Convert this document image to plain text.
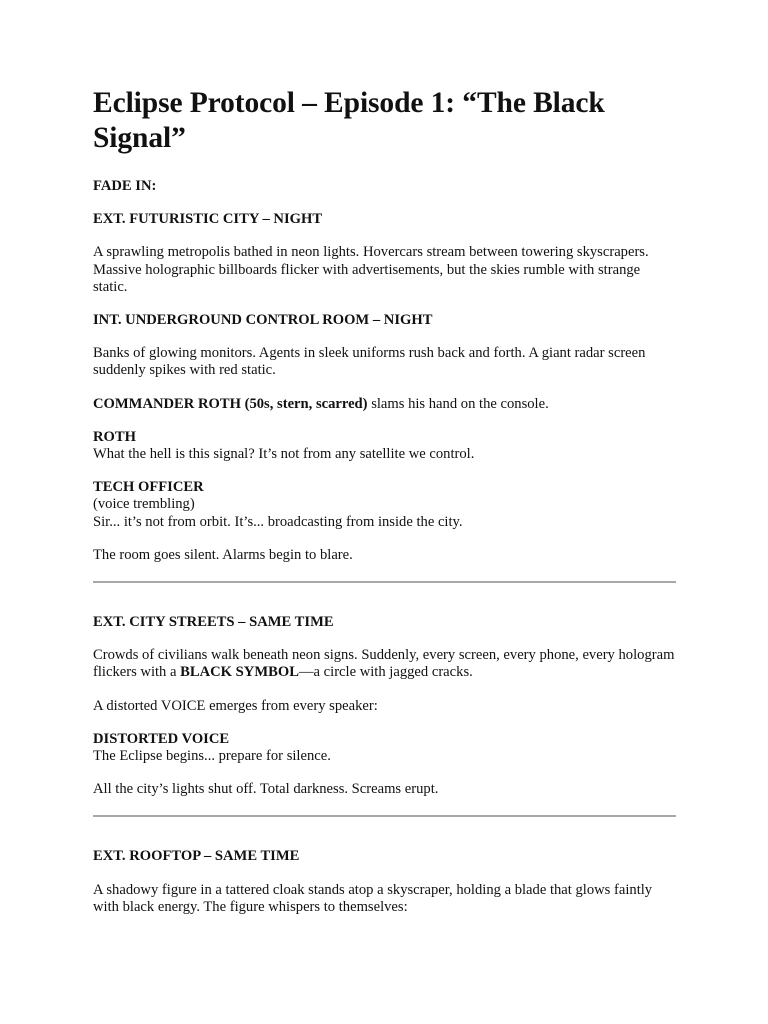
Eclipse Protocol – Episode 1: “The Black Signal”

FADE IN:

EXT. FUTURISTIC CITY – NIGHT

A sprawling metropolis bathed in neon lights. Hovercars stream between towering skyscrapers. Massive holographic billboards flicker with advertisements, but the skies rumble with strange static.

INT. UNDERGROUND CONTROL ROOM – NIGHT

Banks of glowing monitors. Agents in sleek uniforms rush back and forth. A giant radar screen suddenly spikes with red static.

COMMANDER ROTH (50s, stern, scarred) slams his hand on the console.

ROTH

What the hell is this signal? It’s not from any satellite we control.

TECH OFFICER

(voice trembling)

Sir... it’s not from orbit. It’s... broadcasting from inside the city.

The room goes silent. Alarms begin to blare.

EXT. CITY STREETS – SAME TIME

Crowds of civilians walk beneath neon signs. Suddenly, every screen, every phone, every hologram flickers with a BLACK SYMBOL—a circle with jagged cracks.

A distorted VOICE emerges from every speaker:

DISTORTED VOICE

The Eclipse begins... prepare for silence.

All the city’s lights shut off. Total darkness. Screams erupt.

EXT. ROOFTOP – SAME TIME

A shadowy figure in a tattered cloak stands atop a skyscraper, holding a blade that glows faintly with black energy. The figure whispers to themselves:
